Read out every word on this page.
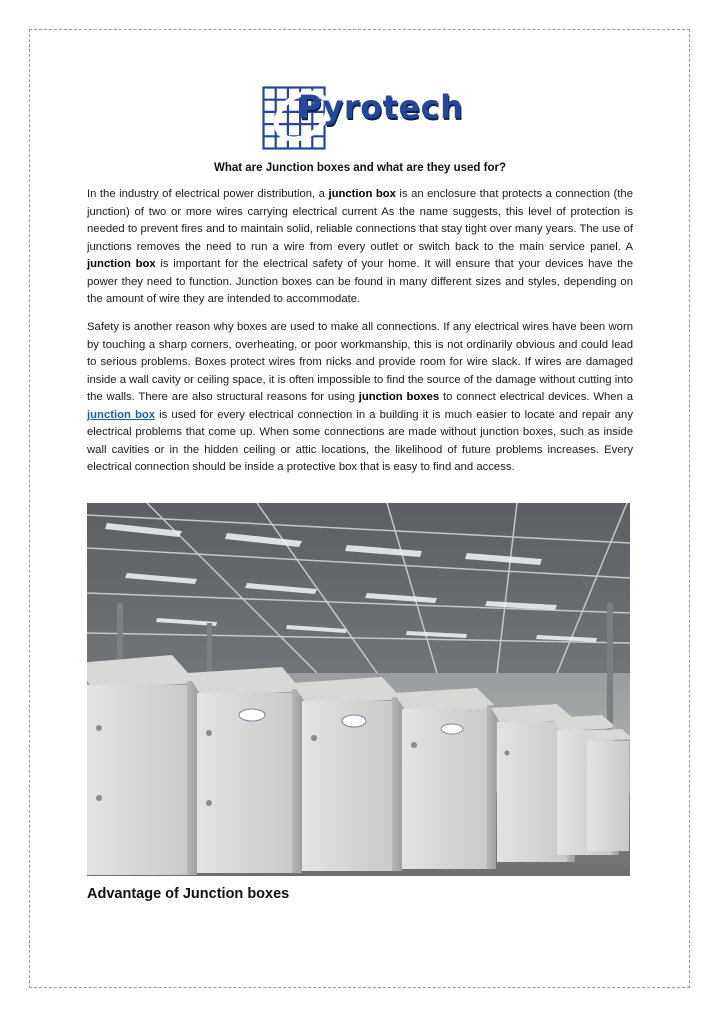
Pyrotech
What are Junction boxes and what are they used for?

In the industry of electrical power distribution, a junction box is an enclosure that protects a connection (the junction) of two or more wires carrying electrical current As the name suggests, this level of protection is needed to prevent fires and to maintain solid, reliable connections that stay tight over many years. The use of junctions removes the need to run a wire from every outlet or switch back to the main service panel. A junction box is important for the electrical safety of your home. It will ensure that your devices have the power they need to function. Junction boxes can be found in many different sizes and styles, depending on the amount of wire they are intended to accommodate.

Safety is another reason why boxes are used to make all connections. If any electrical wires have been worn by touching a sharp corners, overheating, or poor workmanship, this is not ordinarily obvious and could lead to serious problems. Boxes protect wires from nicks and provide room for wire slack. If wires are damaged inside a wall cavity or ceiling space, it is often impossible to find the source of the damage without cutting into the walls. There are also structural reasons for using junction boxes to connect electrical devices. When a junction box is used for every electrical connection in a building it is much easier to locate and repair any electrical problems that come up. When some connections are made without junction boxes, such as inside wall cavities or in the hidden ceiling or attic locations, the likelihood of future problems increases. Every electrical connection should be inside a protective box that is easy to find and access.

Advantage of Junction boxes
